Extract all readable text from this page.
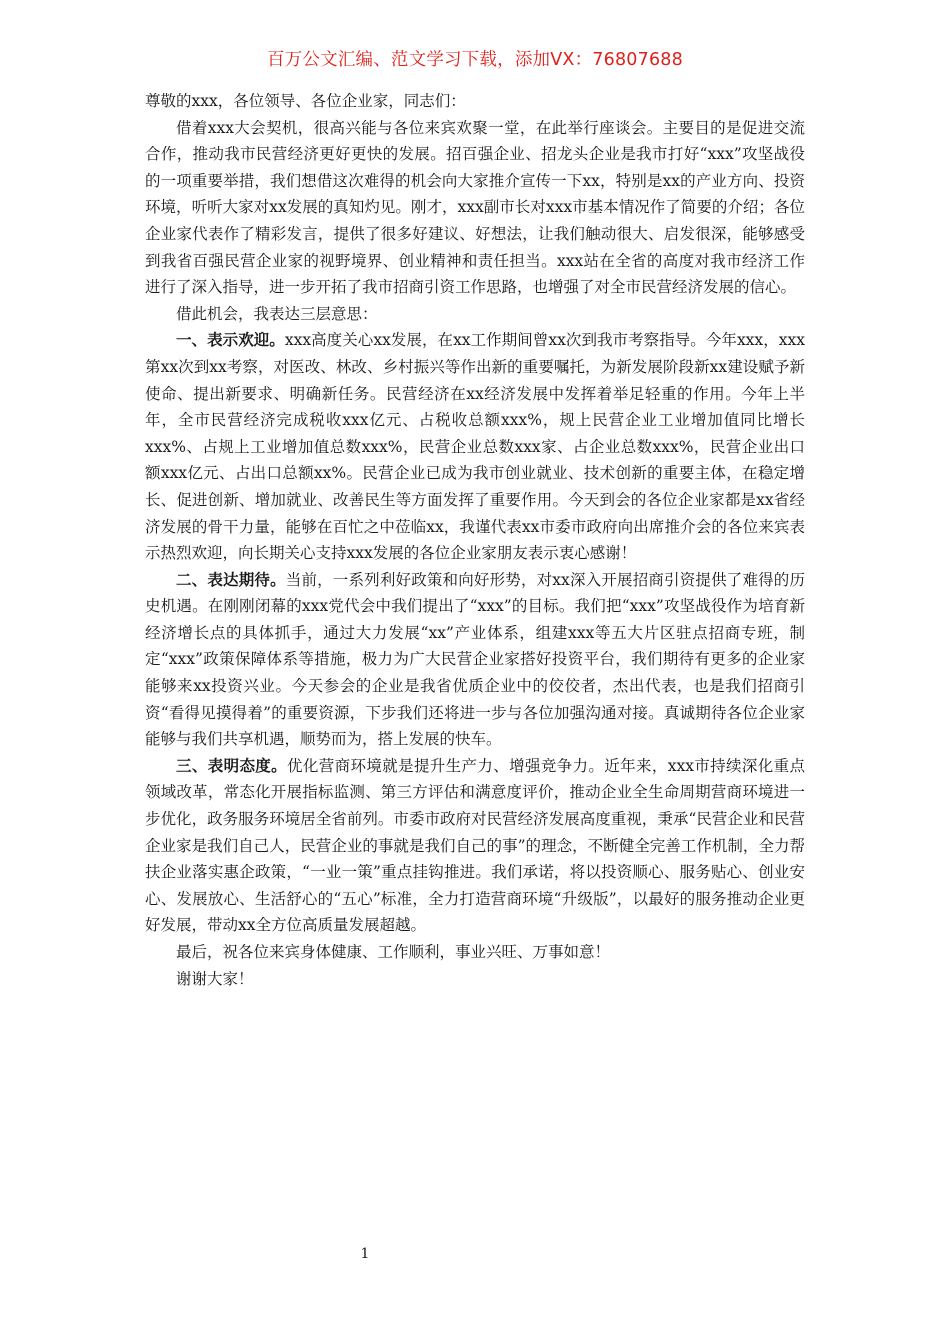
百万公文汇编、范文学习下载，添加VX：76807688

尊敬的xxx，各位领导、各位企业家，同志们：

借着xxx大会契机，很高兴能与各位来宾欢聚一堂，在此举行座谈会。主要目的是促进交流合作，推动我市民营经济更好更快的发展。招百强企业、招龙头企业是我市打好“xxx”攻坚战役的一项重要举措，我们想借这次难得的机会向大家推介宣传一下xx，特别是xx的产业方向、投资环境，听听大家对xx发展的真知灼见。刚才，xxx副市长对xxx市基本情况作了简要的介绍；各位企业家代表作了精彩发言，提供了很多好建议、好想法，让我们触动很大、启发很深，能够感受到我省百强民营企业家的视野境界、创业精神和责任担当。xxx站在全省的高度对我市经济工作进行了深入指导，进一步开拓了我市招商引资工作思路，也增强了对全市民营经济发展的信心。

借此机会，我表达三层意思：

一、表示欢迎。xxx高度关心xx发展，在xx工作期间曾xx次到我市考察指导。今年xxx，xxx第xx次到xx考察，对医改、林改、乡村振兴等作出新的重要嘱托，为新发展阶段新xx建设赋予新使命、提出新要求、明确新任务。民营经济在xx经济发展中发挥着举足轻重的作用。今年上半年，全市民营经济完成税收xxx亿元、占税收总额xxx%，规上民营企业工业增加值同比增长xxx%、占规上工业增加值总数xxx%，民营企业总数xxx家、占企业总数xxx%，民营企业出口额xxx亿元、占出口总额xx%。民营企业已成为我市创业就业、技术创新的重要主体，在稳定增长、促进创新、增加就业、改善民生等方面发挥了重要作用。今天到会的各位企业家都是xx省经济发展的骨干力量，能够在百忙之中莅临xx，我谨代表xx市委市政府向出席推介会的各位来宾表示热烈欢迎，向长期关心支持xxx发展的各位企业家朋友表示衷心感谢！

二、表达期待。当前，一系列利好政策和向好形势，对xx深入开展招商引资提供了难得的历史机遇。在刚刚闭幕的xxx党代会中我们提出了“xxx”的目标。我们把“xxx”攻坚战役作为培育新经济增长点的具体抓手，通过大力发展“xx”产业体系，组建xxx等五大片区驻点招商专班，制定“xxx”政策保障体系等措施，极力为广大民营企业家搭好投资平台，我们期待有更多的企业家能够来xx投资兴业。今天参会的企业是我省优质企业中的佼佼者，杰出代表，也是我们招商引资“看得见摸得着”的重要资源，下步我们还将进一步与各位加强沟通对接。真诚期待各位企业家能够与我们共享机遇，顺势而为，搭上发展的快车。

三、表明态度。优化营商环境就是提升生产力、增强竞争力。近年来，xxx市持续深化重点领域改革，常态化开展指标监测、第三方评估和满意度评价，推动企业全生命周期营商环境进一步优化，政务服务环境居全省前列。市委市政府对民营经济发展高度重视，秉承“民营企业和民营企业家是我们自己人，民营企业的事就是我们自己的事”的理念，不断健全完善工作机制，全力帮扶企业落实惠企政策，“一业一策”重点挂钩推进。我们承诺，将以投资顺心、服务贴心、创业安心、发展放心、生活舒心的“五心”标准，全力打造营商环境“升级版”，以最好的服务推动企业更好发展，带动xx全方位高质量发展超越。

最后，祝各位来宾身体健康、工作顺利，事业兴旺、万事如意！

谢谢大家！

1
